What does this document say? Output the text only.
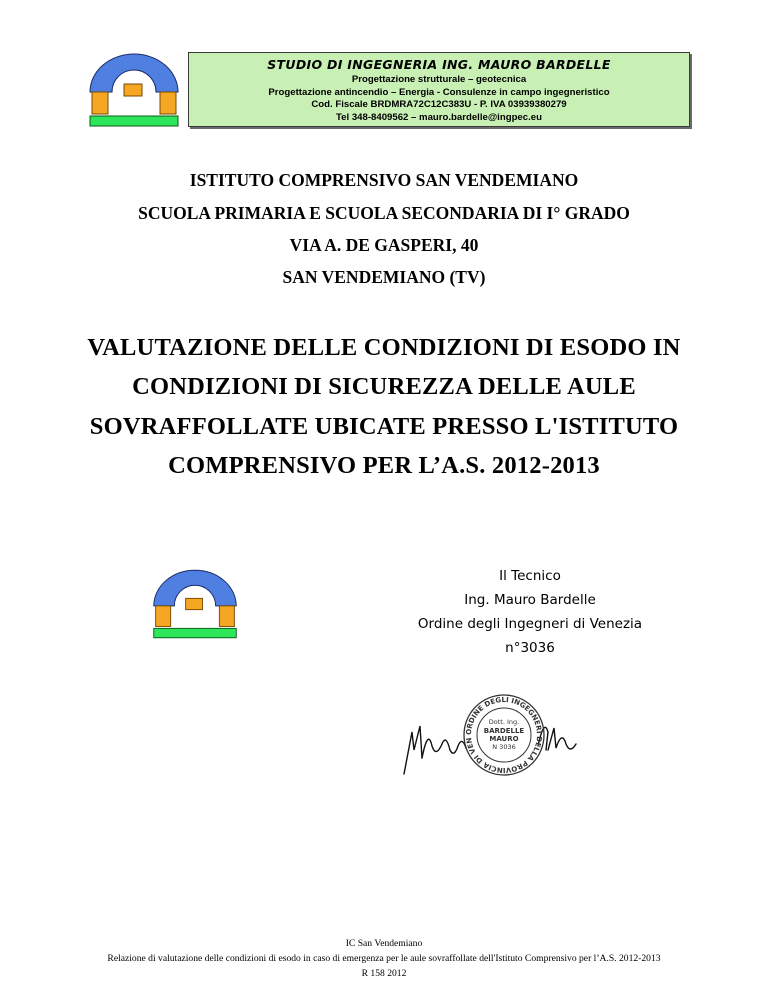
STUDIO DI INGEGNERIA ING. MAURO BARDELLE
Progettazione strutturale – geotecnica
Progettazione antincendio – Energia - Consulenze in campo ingegneristico
Cod. Fiscale BRDMRA72C12C383U - P. IVA 03939380279
Tel 348-8409562 – mauro.bardelle@ingpec.eu
ISTITUTO COMPRENSIVO SAN VENDEMIANO
SCUOLA PRIMARIA E SCUOLA SECONDARIA DI I° GRADO
VIA A. DE GASPERI, 40
SAN VENDEMIANO (TV)
VALUTAZIONE DELLE CONDIZIONI DI ESODO IN
CONDIZIONI DI SICUREZZA DELLE AULE
SOVRAFFOLLATE UBICATE PRESSO L'ISTITUTO
COMPRENSIVO PER L’A.S. 2012-2013
Il Tecnico
Ing. Mauro Bardelle
Ordine degli Ingegneri di Venezia
n°3036
ORDINE DEGLI INGEGNERI DELLA PROVINCIA DI VEN
Dott. Ing.
BARDELLE
MAURO
N 3036
IC San Vendemiano
Relazione di valutazione delle condizioni di esodo in caso di emergenza per le aule sovraffollate dell'Istituto Comprensivo per l’A.S. 2012-2013
R 158 2012
